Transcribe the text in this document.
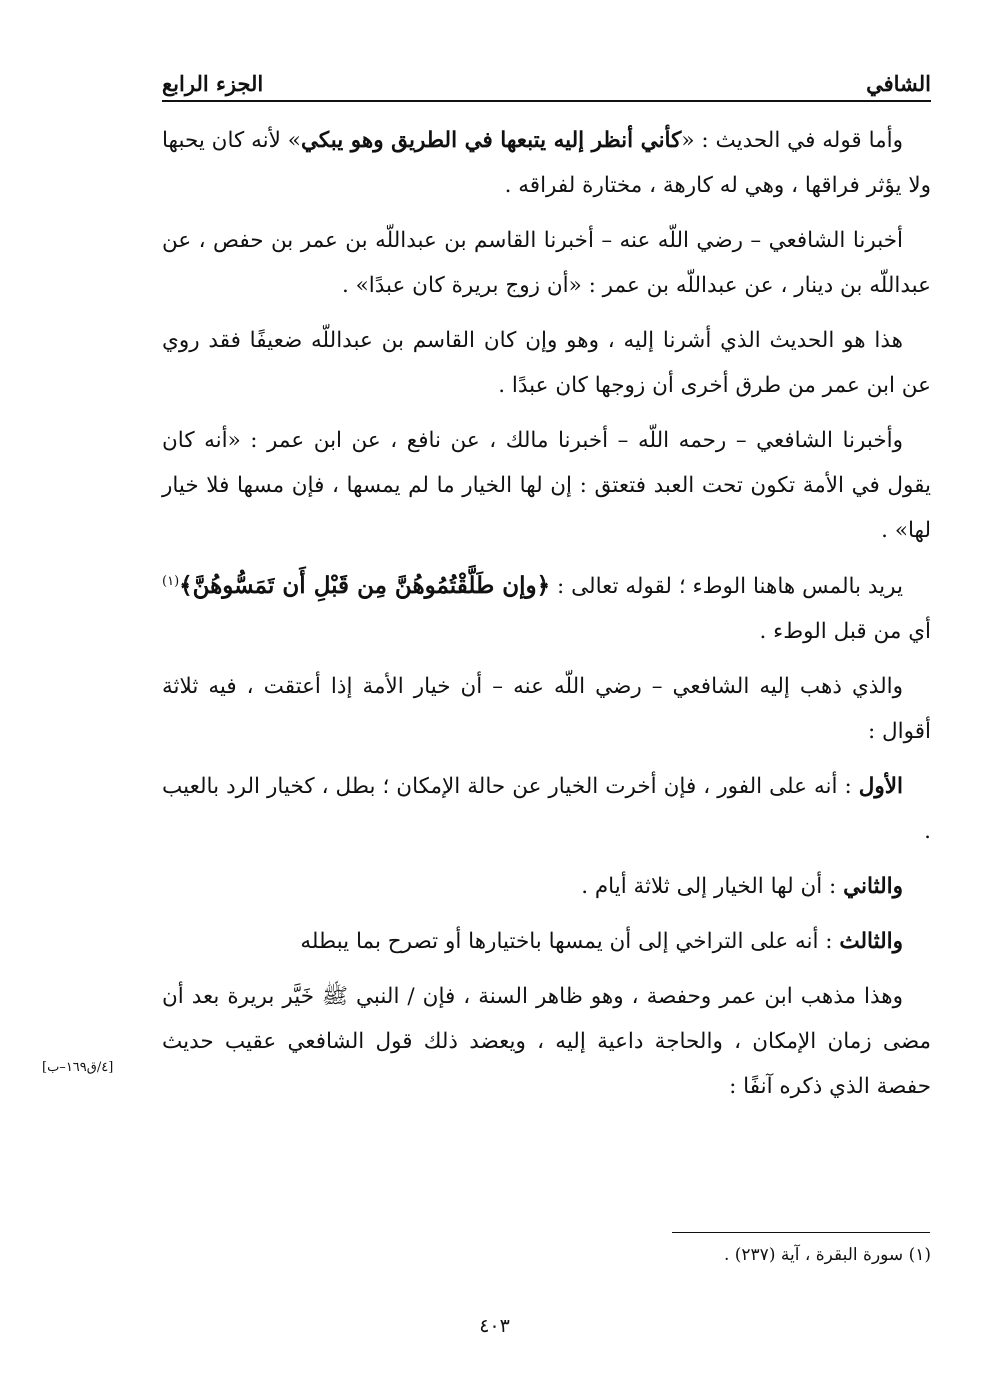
الشافي
الجزء الرابع

وأما قوله في الحديث : «كأني أنظر إليه يتبعها في الطريق وهو يبكي» لأنه كان يحبها ولا يؤثر فراقها ، وهي له كارهة ، مختارة لفراقه .

أخبرنا الشافعي – رضي اللّه عنه – أخبرنا القاسم بن عبداللّه بن عمر بن حفص ، عن عبداللّه بن دينار ، عن عبداللّه بن عمر : «أن زوج بريرة كان عبدًا» .

هذا هو الحديث الذي أشرنا إليه ، وهو وإن كان القاسم بن عبداللّه ضعيفًا فقد روي عن ابن عمر من طرق أخرى أن زوجها كان عبدًا .

وأخبرنا الشافعي – رحمه اللّه – أخبرنا مالك ، عن نافع ، عن ابن عمر : «أنه كان يقول في الأمة تكون تحت العبد فتعتق : إن لها الخيار ما لم يمسها ، فإن مسها فلا خيار لها» .

يريد بالمس هاهنا الوطء ؛ لقوله تعالى : ﴿وإن طَلَّقْتُمُوهُنَّ مِن قَبْلِ أَن تَمَسُّوهُنَّ﴾$^{(١)}$ أي من قبل الوطء .

والذي ذهب إليه الشافعي – رضي اللّه عنه – أن خيار الأمة إذا أعتقت ، فيه ثلاثة أقوال :

الأول : أنه على الفور ، فإن أخرت الخيار عن حالة الإمكان ؛ بطل ، كخيار الرد بالعيب .

والثاني : أن لها الخيار إلى ثلاثة أيام .

والثالث : أنه على التراخي إلى أن يمسها باختيارها أو تصرح بما يبطله

وهذا مذهب ابن عمر وحفصة ، وهو ظاهر السنة ، فإن / النبي ﷺ خَيَّر بريرة بعد أن مضى زمان الإمكان ، والحاجة داعية إليه ، ويعضد ذلك قول الشافعي عقيب حديث حفصة الذي ذكره آنفًا :

[٤/ق١٦٩–ب]
(١) سورة البقرة ، آية (٢٣٧) .
٤٠٣
